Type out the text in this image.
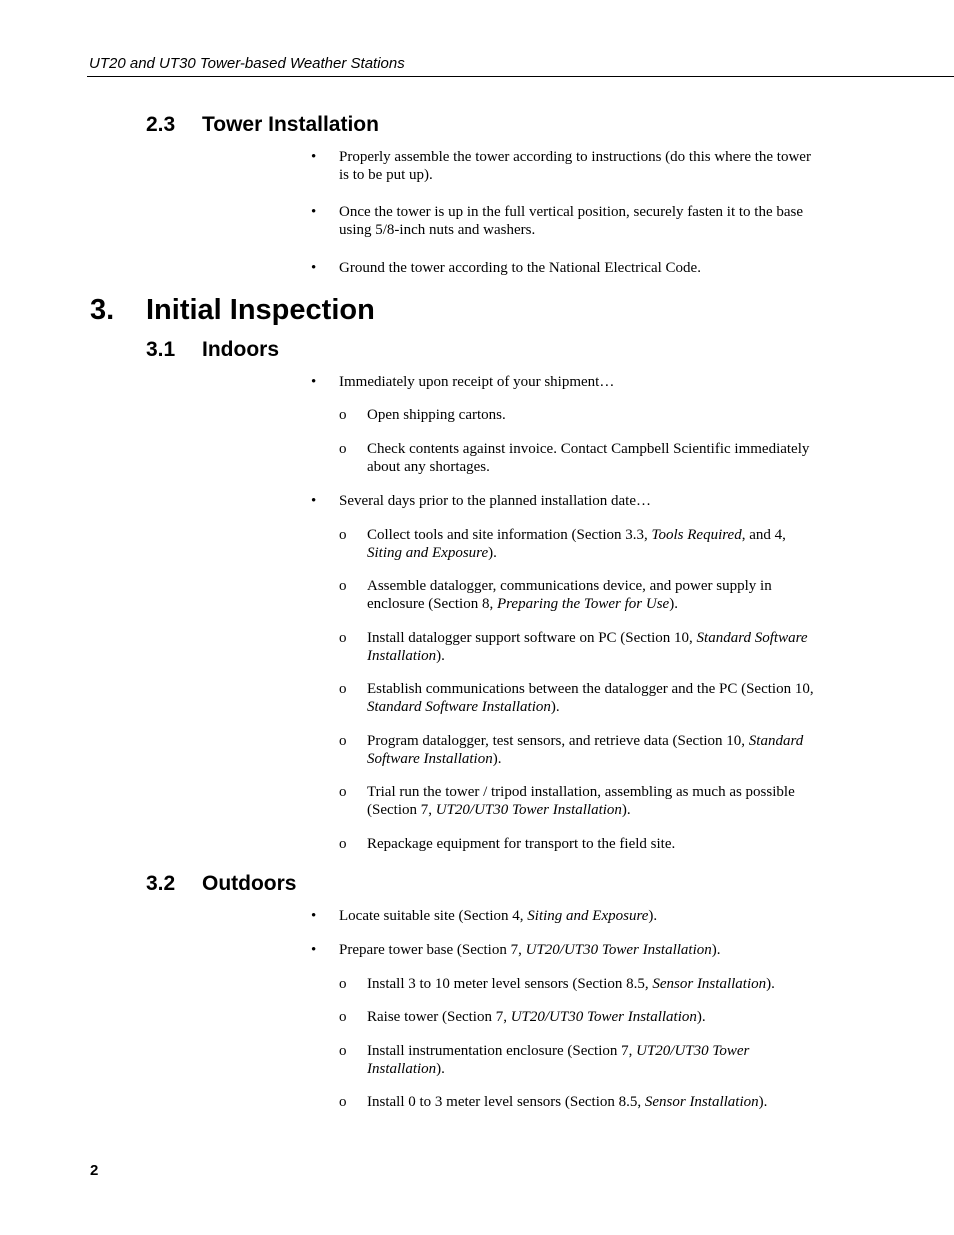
UT20 and UT30 Tower-based Weather Stations
2.3 Tower Installation
• Properly assemble the tower according to instructions (do this where the tower is to be put up).
• Once the tower is up in the full vertical position, securely fasten it to the base using 5/8-inch nuts and washers.
• Ground the tower according to the National Electrical Code.
3. Initial Inspection
3.1 Indoors
• Immediately upon receipt of your shipment…
o Open shipping cartons.
o Check contents against invoice. Contact Campbell Scientific immediately about any shortages.
• Several days prior to the planned installation date…
o Collect tools and site information (Section 3.3, Tools Required, and 4, Siting and Exposure).
o Assemble datalogger, communications device, and power supply in enclosure (Section 8, Preparing the Tower for Use).
o Install datalogger support software on PC (Section 10, Standard Software Installation).
o Establish communications between the datalogger and the PC (Section 10, Standard Software Installation).
o Program datalogger, test sensors, and retrieve data (Section 10, Standard Software Installation).
o Trial run the tower / tripod installation, assembling as much as possible (Section 7, UT20/UT30 Tower Installation).
o Repackage equipment for transport to the field site.
3.2 Outdoors
• Locate suitable site (Section 4, Siting and Exposure).
• Prepare tower base (Section 7, UT20/UT30 Tower Installation).
o Install 3 to 10 meter level sensors (Section 8.5, Sensor Installation).
o Raise tower (Section 7, UT20/UT30 Tower Installation).
o Install instrumentation enclosure (Section 7, UT20/UT30 Tower Installation).
o Install 0 to 3 meter level sensors (Section 8.5, Sensor Installation).
2
